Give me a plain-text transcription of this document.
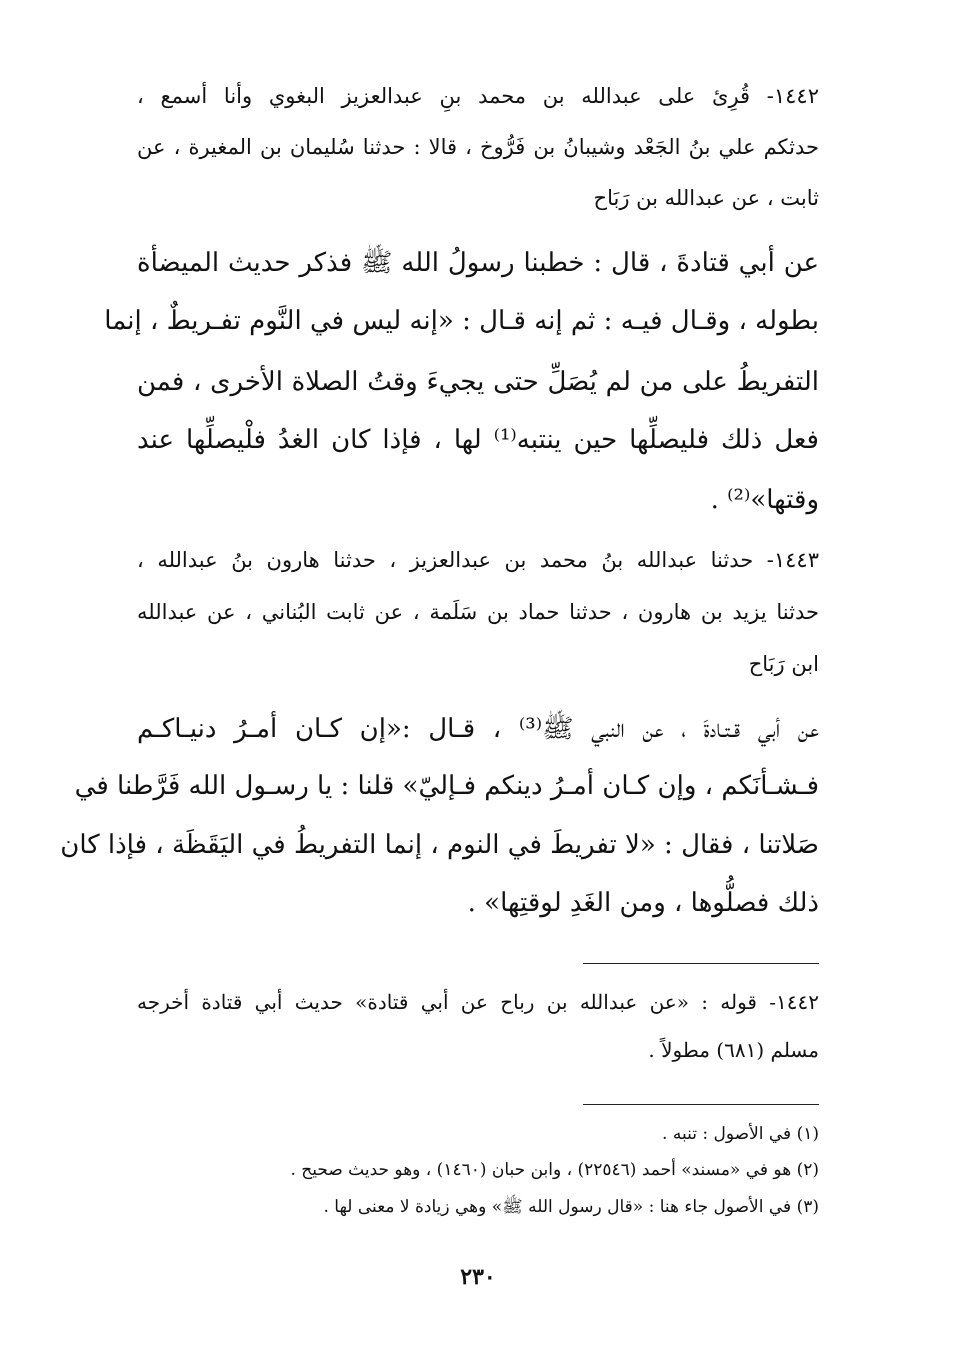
١٤٤٢- قُرِئ على عبدالله بن محمد بنِ عبدالعزيز البغوي وأنا أسمع ،
حدثكم علي بنُ الجَعْد وشيبانُ بن فَرُّوخ ، قالا : حدثنا سُليمان بن المغيرة ، عن
ثابت ، عن عبدالله بن رَبَاح
عن أبي قتادةَ ، قال : خطبنا رسولُ الله ﷺ فذكر حديث الميضأة
بطوله ، وقـال فيـه : ثم إنه قـال : «إنه ليس في النَّوم تفـريطٌ ، إنما
التفريطُ على من لم يُصَلِّ حتى يجيءَ وقتُ الصلاة الأخرى ، فمن
فعل ذلك فليصلِّها حين ينتبه⁽¹⁾ لها ، فإذا كان الغدُ فلْيصلِّها عند
وقتها»⁽²⁾ .
١٤٤٣- حدثنا عبدالله بنُ محمد بن عبدالعزيز ، حدثنا هارون بنُ عبدالله ،
حدثنا يزيد بن هارون ، حدثنا حماد بن سَلَمة ، عن ثابت البُناني ، عن عبدالله
ابن رَبَاح
عن أبي قـتـادةَ ، عن النبي ﷺ⁽³⁾ ، قـال :«إن كـان أمـرُ دنيـاكـم
فـشـأنَكم ، وإن كـان أمـرُ دينكم فـإليّ» قلنا : يا رسـول الله فَرَّطنا في
صَلاتنا ، فقال : «لا تفريطَ في النوم ، إنما التفريطُ في اليَقَظَة ، فإذا كان
ذلك فصلُّوها ، ومن الغَدِ لوقتِها» .
١٤٤٢- قوله : «عن عبدالله بن رباح عن أبي قتادة» حديث أبي قتادة أخرجه
مسلم (٦٨١) مطولاً .
(١) في الأصول : تنبه .
(٢) هو في «مسند» أحمد (٢٢٥٤٦) ، وابن حبان (١٤٦٠) ، وهو حديث صحيح .
(٣) في الأصول جاء هنا : «قال رسول الله ﷺ» وهي زيادة لا معنى لها .
٢٣٠
